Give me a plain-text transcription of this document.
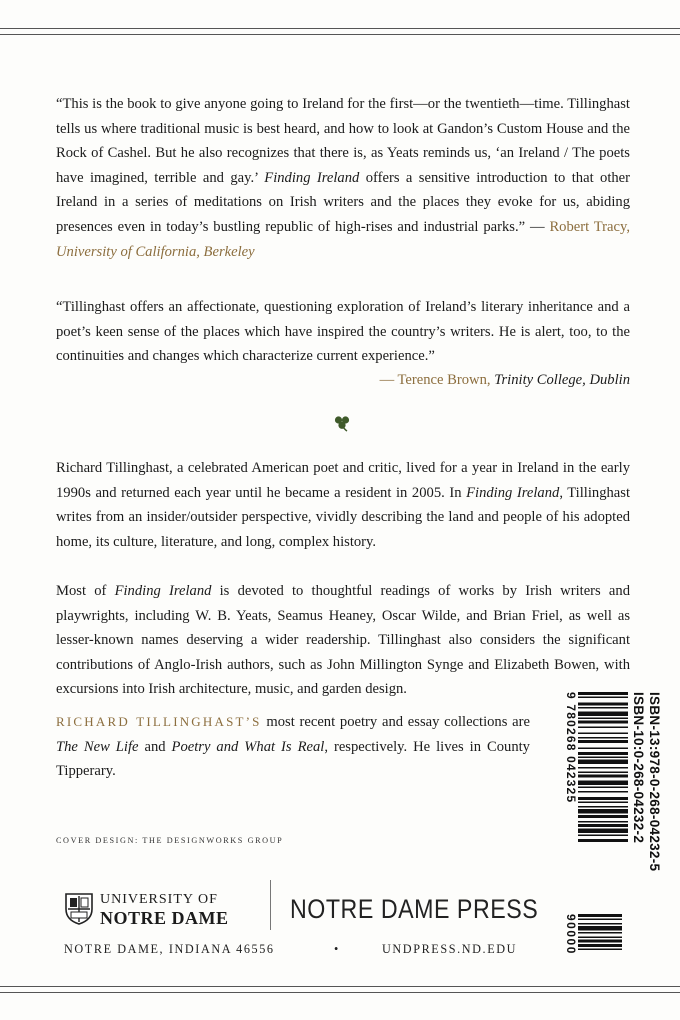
“This is the book to give anyone going to Ireland for the first—or the twentieth—time. Tillinghast tells us where traditional music is best heard, and how to look at Gandon’s Custom House and the Rock of Cashel. But he also recognizes that there is, as Yeats reminds us, ‘an Ireland / The poets have imagined, terrible and gay.’ Finding Ireland offers a sensitive introduction to that other Ireland in a series of meditations on Irish writers and the places they evoke for us, abiding presences even in today’s bustling republic of high-rises and industrial parks.” — Robert Tracy, University of California, Berkeley

“Tillinghast offers an affectionate, questioning exploration of Ireland’s literary inheritance and a poet’s keen sense of the places which have inspired the country’s writers. He is alert, too, to the continuities and changes which characterize current experience.”

— Terence Brown, Trinity College, Dublin

Richard Tillinghast, a celebrated American poet and critic, lived for a year in Ireland in the early 1990s and returned each year until he became a resident in 2005. In Finding Ireland, Tillinghast writes from an insider/outsider perspective, vividly describing the land and people of his adopted home, its culture, literature, and long, complex history.

Most of Finding Ireland is devoted to thoughtful readings of works by Irish writers and playwrights, including W. B. Yeats, Seamus Heaney, Oscar Wilde, and Brian Friel, as well as lesser-known names deserving a wider readership. Tillinghast also considers the significant contributions of Anglo-Irish authors, such as John Millington Synge and Elizabeth Bowen, with excursions into Irish architecture, music, and garden design.

RICHARD TILLINGHAST’S most recent poetry and essay collections are The New Life and Poetry and What Is Real, respectively. He lives in County Tipperary.

COVER DESIGN: THE DESIGNWORKS GROUP	ISBN-13:978-0-268-04232-5
ISBN-10:0-268-04232-2
9 780268 042325
90000
UNIVERSITY OF
NOTRE DAME NOTRE DAME PRESS
NOTRE DAME, INDIANA 46556	•	UNDPRESS.ND.EDU
